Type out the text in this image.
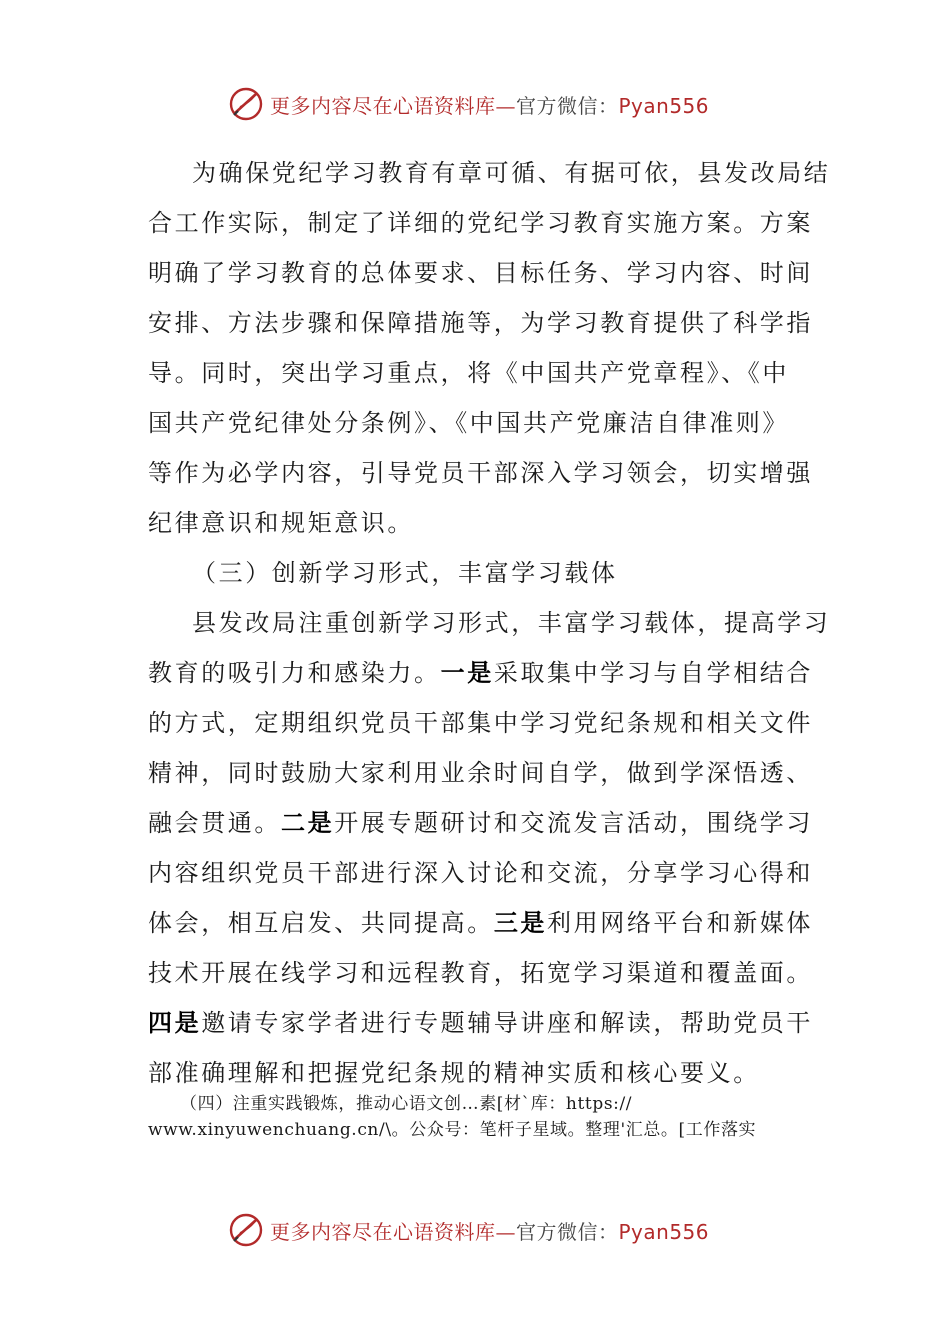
更多内容尽在心语资料库—官方微信：Pyan556
为确保党纪学习教育有章可循、有据可依，县发改局结
合工作实际，制定了详细的党纪学习教育实施方案。方案
明确了学习教育的总体要求、目标任务、学习内容、时间
安排、方法步骤和保障措施等，为学习教育提供了科学指
导。同时，突出学习重点，将《中国共产党章程》、《中
国共产党纪律处分条例》、《中国共产党廉洁自律准则》
等作为必学内容，引导党员干部深入学习领会，切实增强
纪律意识和规矩意识。
（三）创新学习形式，丰富学习载体
县发改局注重创新学习形式，丰富学习载体，提高学习
教育的吸引力和感染力。一是采取集中学习与自学相结合
的方式，定期组织党员干部集中学习党纪条规和相关文件
精神，同时鼓励大家利用业余时间自学，做到学深悟透、
融会贯通。二是开展专题研讨和交流发言活动，围绕学习
内容组织党员干部进行深入讨论和交流，分享学习心得和
体会，相互启发、共同提高。三是利用网络平台和新媒体
技术开展在线学习和远程教育，拓宽学习渠道和覆盖面。
四是邀请专家学者进行专题辅导讲座和解读，帮助党员干
部准确理解和把握党纪条规的精神实质和核心要义。
（四）注重实践锻炼，推动心语文创…素[材`库：https://
www.xinyuwenchuang.cn/\。公众号：笔杆子星域。整理'汇总。[工作落实
更多内容尽在心语资料库—官方微信：Pyan556
